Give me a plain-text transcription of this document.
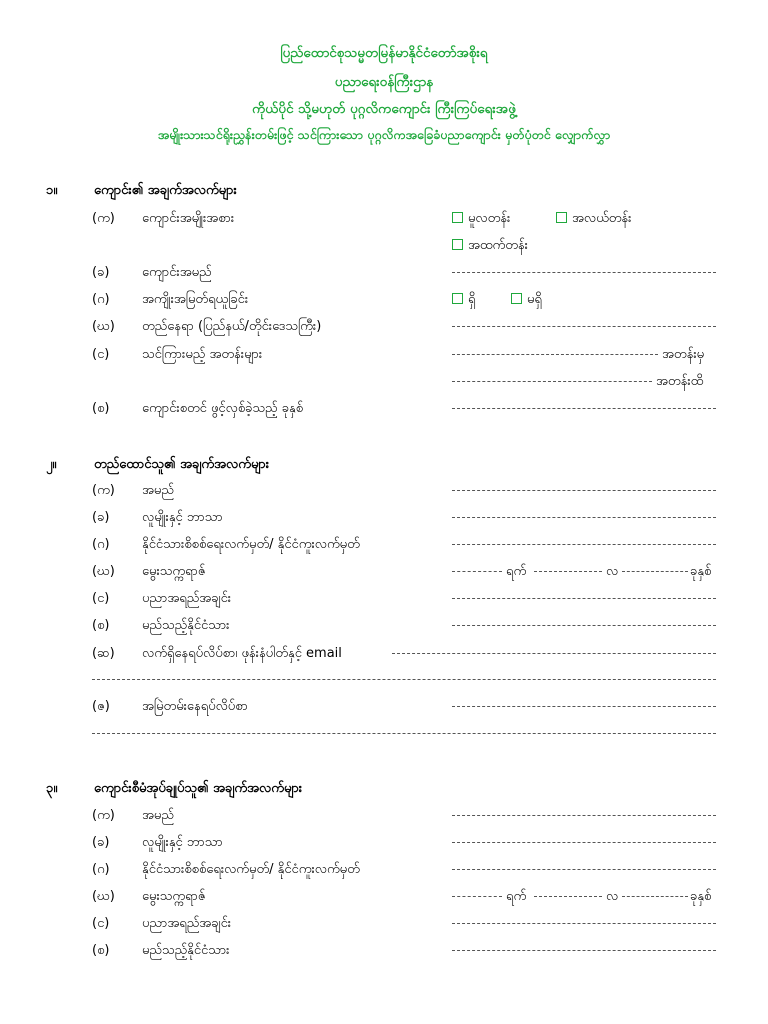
ပြည်ထောင်စုသမ္မတမြန်မာနိုင်ငံတော်အစိုးရ
ပညာရေးဝန်ကြီးဌာန
ကိုယ်ပိုင် သို့မဟုတ် ပုဂ္ဂလိကကျောင်း ကြီးကြပ်ရေးအဖွဲ့
အမျိုးသားသင်ရိုးညွှန်းတမ်းဖြင့် သင်ကြားသော ပုဂ္ဂလိကအခြေခံပညာကျောင်း မှတ်ပုံတင် လျှောက်လွှာ
၁။	ကျောင်း၏ အချက်အလက်များ
(က) ကျောင်းအမျိုးအစား	မူလတန်း	အလယ်တန်း
အထက်တန်း
(ခ)	ကျောင်းအမည်
(ဂ) အကျိုးအမြတ်ရယူခြင်း	ရှိ	မရှိ
(ဃ) တည်နေရာ (ပြည်နယ်/တိုင်းဒေသကြီး)
(င)	သင်ကြားမည့် အတန်းများ	အတန်းမှ
အတန်းထိ
(စ)	ကျောင်းစတင် ဖွင့်လှစ်ခဲ့သည့် ခုနှစ်
၂။	တည်ထောင်သူ၏ အချက်အလက်များ
(က) အမည်
(ခ)	လူမျိုးနှင့် ဘာသာ
(ဂ) နိုင်ငံသားစိစစ်ရေးလက်မှတ်/ နိုင်ငံကူးလက်မှတ်
(ဃ) မွေးသက္ကရာဇ်	ရက်	လ	ခုနှစ်
(င)	ပညာအရည်အချင်း
(စ)	မည်သည့်နိုင်ငံသား
(ဆ) လက်ရှိနေရပ်လိပ်စာ၊ ဖုန်းနံပါတ်နှင့် email
(ဇ) အမြဲတမ်းနေရပ်လိပ်စာ
၃။	ကျောင်းစီမံအုပ်ချုပ်သူ၏ အချက်အလက်များ
(က) အမည်
(ခ)	လူမျိုးနှင့် ဘာသာ
(ဂ) နိုင်ငံသားစိစစ်ရေးလက်မှတ်/ နိုင်ငံကူးလက်မှတ်
(ဃ) မွေးသက္ကရာဇ်	ရက်	လ	ခုနှစ်
(င)	ပညာအရည်အချင်း
(စ)	မည်သည့်နိုင်ငံသား
